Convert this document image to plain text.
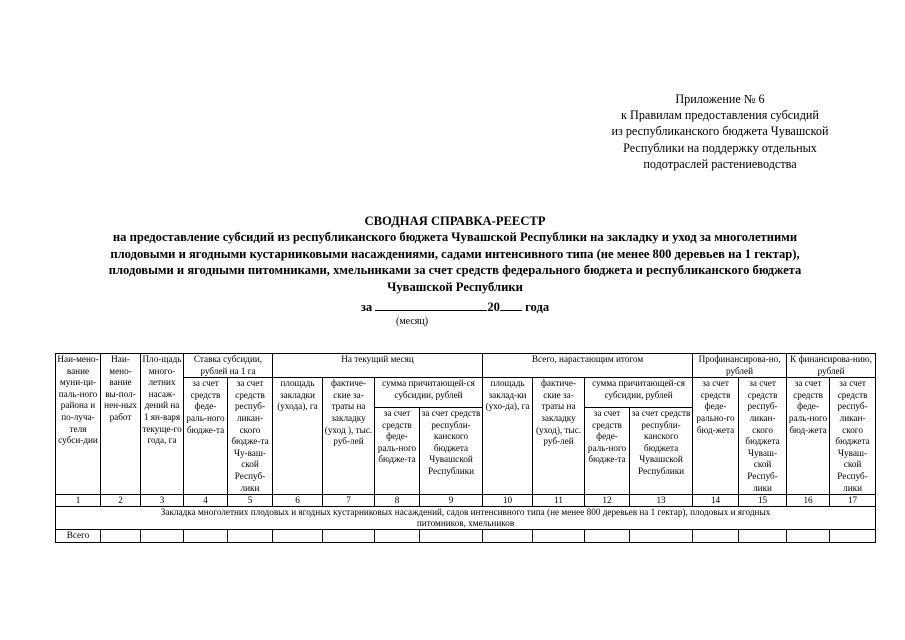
Приложение № 6
к Правилам предоставления субсидий
из республиканского бюджета Чувашской
Республики на поддержку отдельных
подотраслей растениеводства
СВОДНАЯ СПРАВКА-РЕЕСТР
на предоставление субсидий из республиканского бюджета Чувашской Республики на закладку и уход за многолетними
плодовыми и ягодными кустарниковыми насаждениями, садами интенсивного типа (не менее 800 деревьев на 1 гектар),
плодовыми и ягодными питомниками, хмельниками за счет средств федерального бюджета и республиканского бюджета
Чувашской Республики
за	20 года
(месяц)
Наи-мено-вание муни-ци-паль-ного района и по-луча-теля субси-дии	Наи-мено-вание вы-пол-нен-ных работ	Пло-щадь много-летних насаж-дений на 1 ян-варя текуще-го года, га	Ставка субсидии, рублей на 1 га		На текущий месяц				Всего, нарастающим итогом				Профинансирова-но, рублей		К финансирова-нию, рублей	
			за счет средств феде-раль-ного бюдже-та	за счет средств респуб-ликан-ского бюдже-та Чу-ваш-ской Респуб-лики	площадь закладки (ухода), га	фактиче-ские за-траты на закладку (уход ), тыс. руб-лей	сумма причитающей-ся субсидии, рублей		площадь заклад-ки (ухо-да), га	фактиче-ские за-траты на закладку (уход), тыс. руб-лей	сумма причитающей-ся субсидии, рублей		за счет средств феде-рально-го бюд-жета	за счет средств респуб-ликан-ского бюджета Чуваш-ской Респуб-лики	за счет средств феде-раль-ного бюд-жета	за счет средств респуб-ликан-ского бюджета Чуваш-ской Респуб-лики
							за счет средств феде-раль-ного бюдже-та	за счет средств республи-канского бюджета Чувашской Республики			за счет средств феде-раль-ного бюдже-та	за счет средств республи-канского бюджета Чувашской Республики				
1	2	3	4	5	6	7	8	9	10	11	12	13	14	15	16	17
Закладка многолетних плодовых и ягодных кустарниковых насаждений, садов интенсивного типа (не менее 800 деревьев на 1 гектар), плодовых и ягодных питомников, хмельников																
Всего																
